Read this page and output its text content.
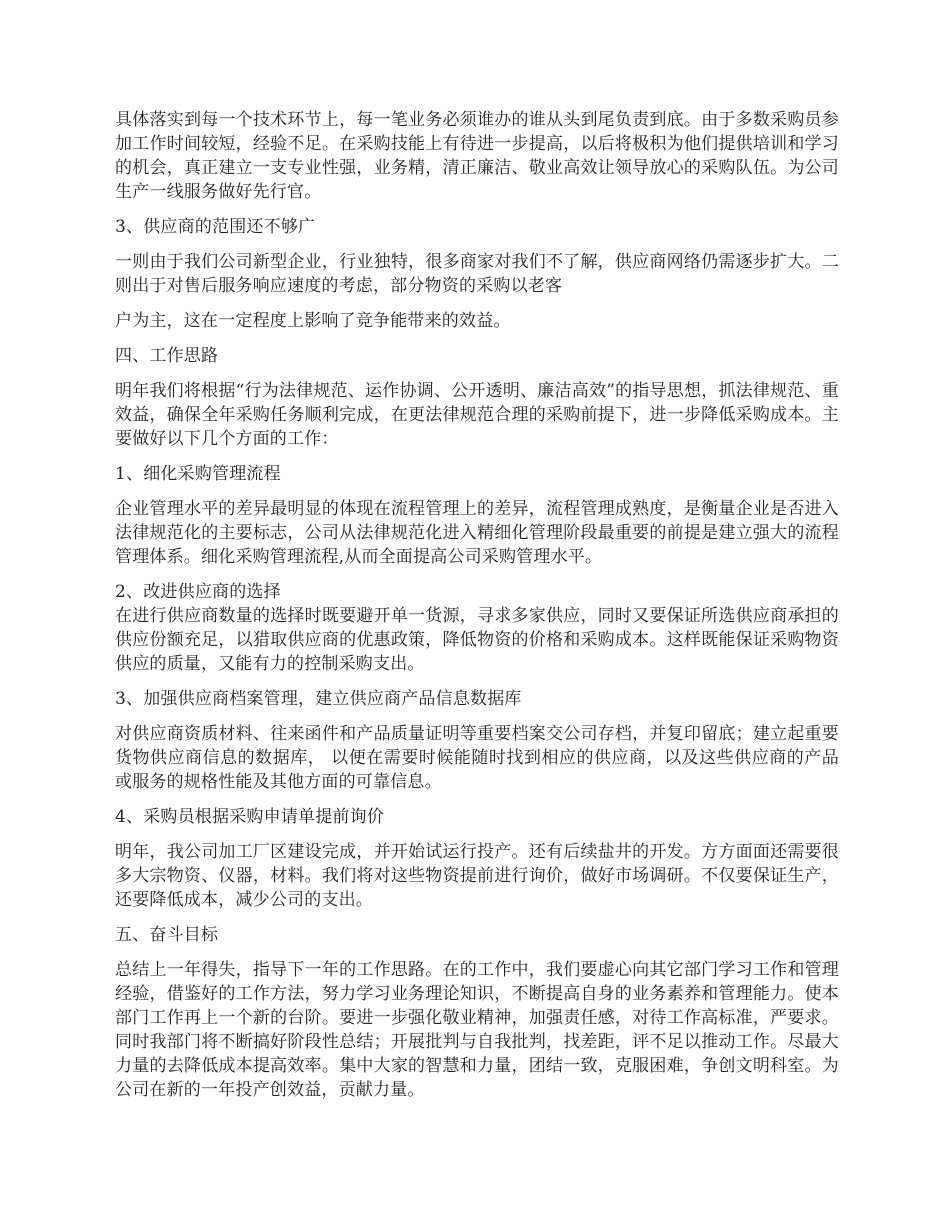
具体落实到每一个技术环节上，每一笔业务必须谁办的谁从头到尾负责到底。由于多数采购员参加工作时间较短，经验不足。在采购技能上有待进一步提高，以后将极积为他们提供培训和学习的机会，真正建立一支专业性强，业务精，清正廉洁、敬业高效让领导放心的采购队伍。为公司生产一线服务做好先行官。

3、供应商的范围还不够广

一则由于我们公司新型企业，行业独特，很多商家对我们不了解，供应商网络仍需逐步扩大。二则出于对售后服务响应速度的考虑，部分物资的采购以老客

户为主，这在一定程度上影响了竞争能带来的效益。

四、工作思路

明年我们将根据“行为法律规范、运作协调、公开透明、廉洁高效”的指导思想，抓法律规范、重效益，确保全年采购任务顺利完成，在更法律规范合理的采购前提下，进一步降低采购成本。主要做好以下几个方面的工作：

1、细化采购管理流程

企业管理水平的差异最明显的体现在流程管理上的差异，流程管理成熟度，是衡量企业是否进入法律规范化的主要标志，公司从法律规范化进入精细化管理阶段最重要的前提是建立强大的流程管理体系。细化采购管理流程,从而全面提高公司采购管理水平。

2、改进供应商的选择

在进行供应商数量的选择时既要避开单一货源，寻求多家供应，同时又要保证所选供应商承担的供应份额充足，以猎取供应商的优惠政策，降低物资的价格和采购成本。这样既能保证采购物资供应的质量，又能有力的控制采购支出。

3、加强供应商档案管理，建立供应商产品信息数据库

对供应商资质材料、往来函件和产品质量证明等重要档案交公司存档，并复印留底；建立起重要货物供应商信息的数据库， 以便在需要时候能随时找到相应的供应商，以及这些供应商的产品或服务的规格性能及其他方面的可靠信息。

4、采购员根据采购申请单提前询价

明年，我公司加工厂区建设完成，并开始试运行投产。还有后续盐井的开发。方方面面还需要很多大宗物资、仪器，材料。我们将对这些物资提前进行询价，做好市场调研。不仅要保证生产，还要降低成本，减少公司的支出。

五、奋斗目标

总结上一年得失，指导下一年的工作思路。在的工作中，我们要虚心向其它部门学习工作和管理经验，借鉴好的工作方法，努力学习业务理论知识，不断提高自身的业务素养和管理能力。使本部门工作再上一个新的台阶。要进一步强化敬业精神，加强责任感，对待工作高标准，严要求。同时我部门将不断搞好阶段性总结；开展批判与自我批判，找差距，评不足以推动工作。尽最大力量的去降低成本提高效率。集中大家的智慧和力量，团结一致，克服困难，争创文明科室。为公司在新的一年投产创效益，贡献力量。
